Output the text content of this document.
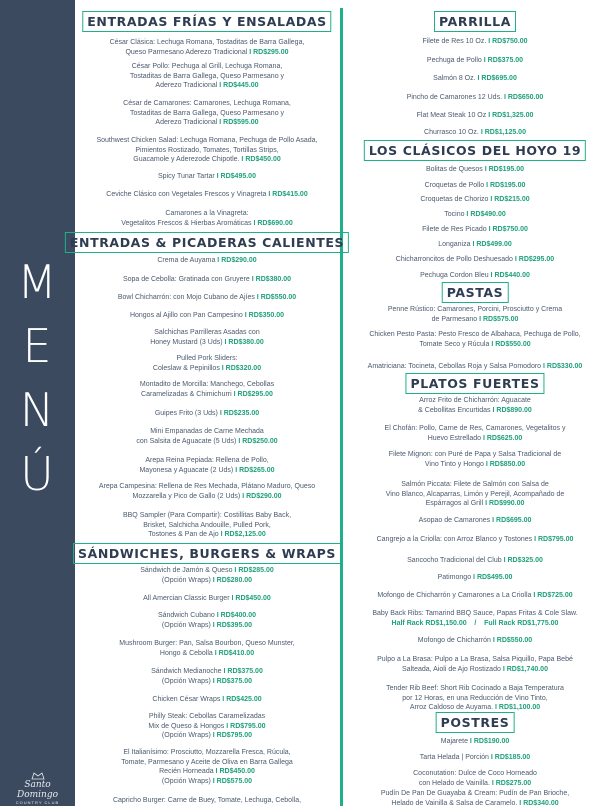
M
E
N
Ú
Santo Domingo
COUNTRY CLUB
ENTRADAS FRÍAS Y ENSALADAS
César Clásica: Lechuga Romana, Tostaditas de Barra Gallega,
Queso Parmesano Aderezo Tradicional I RD$295.00
César Pollo: Pechuga al Grill, Lechuga Romana,
Tostaditas de Barra Gallega, Queso Parmesano y
Aderezo Tradicional I RD$445.00
César de Camarones: Camarones, Lechuga Romana,
Tostaditas de Barra Gallega, Queso Parmesano y
Aderezo Tradicional I RD$595.00
Southwest Chicken Salad: Lechuga Romana, Pechuga de Pollo Asada,
Pimientos Rostizado, Tomates, Tortillas Strips,
Guacamole y Aderezode Chipotle. I RD$450.00
Spicy Tunar Tartar I RD$495.00
Ceviche Clásico con Vegetales Frescos y Vinagreta I RD$415.00
Camarones a la Vinagreta:
Vegetalitos Frescos & Hierbas Aromáticas I RD$690.00
ENTRADAS & PICADERAS CALIENTES
Crema de Auyama I RD$290.00
Sopa de Cebolla: Gratinada con Gruyere I RD$380.00
Bowl Chicharrón: con Mojo Cubano de Ajíes I RD$550.00
Hongos al Ajillo con Pan Campesino I RD$350.00
Salchichas Parrilleras Asadas con
Honey Mustard (3 Uds) I RD$380.00
Pulled Pork Sliders:
Coleslaw & Pepinillos I RD$320.00
Montadito de Morcilla: Manchego, Cebollas
Caramelizadas & Chimichurri I RD$295.00
Guipes Frito (3 Uds) I RD$235.00
Mini Empanadas de Carne Mechada
con Salsita de Aguacate (5 Uds) I RD$250.00
Arepa Reina Pepiada: Rellena de Pollo,
Mayonesa y Aguacate (2 Uds) I RD$265.00
Arepa Campesina: Rellena de Res Mechada, Plátano Maduro, Queso
Mozzarella y Pico de Gallo (2 Uds) I RD$290.00
BBQ Sampler (Para Compartir): Costillitas Baby Back,
Brisket, Salchicha Andouille, Pulled Pork,
Tostones & Pan de Ajo I RD$2,125.00
SÁNDWICHES, BURGERS & WRAPS
Sándwich de Jamón & Queso I RD$285.00
(Opción Wraps) I RD$280.00
All Amercian Classic Burger I RD$450.00
Sándwich Cubano I RD$400.00
(Opción Wraps) I RD$395.00
Mushroom Burger: Pan, Salsa Bourbon, Queso Munster,
Hongo & Cebolla I RD$410.00
Sándwich Medianoche I RD$375.00
(Opción Wraps) I RD$375.00
Chicken César Wraps I RD$425.00
Philly Steak: Cebollas Caramelizadas
Mix de Queso & Hongos I RD$795.00
(Opción Wraps) I RD$795.00
El Italianísimo: Prosciutto, Mozzarella Fresca, Rúcula,
Tomate, Parmesano y Aceite de Oliva en Barra Gallega
Recién Horneada I RD$450.00
(Opción Wraps) I RD$575.00
Capricho Burger: Carne de Buey, Tomate, Lechuga, Cebolla,
PARRILLA
Filete de Res 10 Oz. I RD$750.00
Pechuga de Pollo I RD$375.00
Salmón 8 Oz. I RD$695.00
Pincho de Camarones 12 Uds. I RD$650.00
Flat Meat Steak 10 Oz I RD$1,325.00
Churrasco 10 Oz. I RD$1,125.00
LOS CLÁSICOS DEL HOYO 19
Bolitas de Quesos I RD$195.00
Croquetas de Pollo I RD$195.00
Croquetas de Chorizo I RD$215.00
Tocino I RD$490.00
Filete de Res Picado I RD$750.00
Longaniza I RD$499.00
Chicharroncitos de Pollo Deshuesado I RD$295.00
Pechuga Cordon Bleu I RD$440.00
PASTAS
Penne Rústico: Camarones, Porcini, Prosciutto y Crema
de Parmesano I RD$575.00
Chicken Pesto Pasta: Pesto Fresco de Albahaca, Pechuga de Pollo,
Tomate Seco y Rúcula I RD$550.00
Amatriciana: Tocineta, Cebollas Roja y Salsa Pomodoro I RD$330.00
PLATOS FUERTES
Arroz Frito de Chicharrón: Aguacate
& Cebollitas Encurtidas I RD$890.00
El Chofán: Pollo, Carne de Res, Camarones, Vegetalitos y
Huevo Estrellado I RD$625.00
Filete Mignon: con Puré de Papa y Salsa Tradicional de
Vino Tinto y Hongo I RD$850.00
Salmón Piccata: Filete de Salmón con Salsa de
Vino Blanco, Alcaparras, Limón y Perejil, Acompañado de
Espárragos al Grill I RD$990.00
Asopao de Camarones I RD$695.00
Cangrejo a la Criolla: con Arroz Blanco y Tostones I RD$795.00
Sancocho Tradicional del Club I RD$325.00
Patimongo I RD$495.00
Mofongo de Chicharrón y Camarones a La Criolla I RD$725.00
Baby Back Ribs: Tamarind BBQ Sauce, Papas Fritas & Cole Slaw.
Half Rack RD$1,150.00    /    Full Rack RD$1,775.00
Mofongo de Chicharrón I RD$550.00
Pulpo a La Brasa: Pulpo a La Brasa, Salsa Piquillo, Papa Bebé
Salteada, Aioli de Ajo Rostizado I RD$1,740.00
Tender Rib Beef: Short Rib Cocinado a Baja Temperatura
por 12 Horas, en una Reducción de Vino Tinto,
Arroz Caldoso de Auyama. I RD$1,100.00
POSTRES
Majarete I RD$190.00
Tarta Helada | Porción I RD$185.00
Coconutation: Dulce de Coco Horneado
con Helado de Vainilla. I RD$275.00
Pudín De Pan De Guayaba & Cream: Pudín de Pan Brioche,
Helado de Vainilla & Salsa de Caramelo. I RD$340.00
